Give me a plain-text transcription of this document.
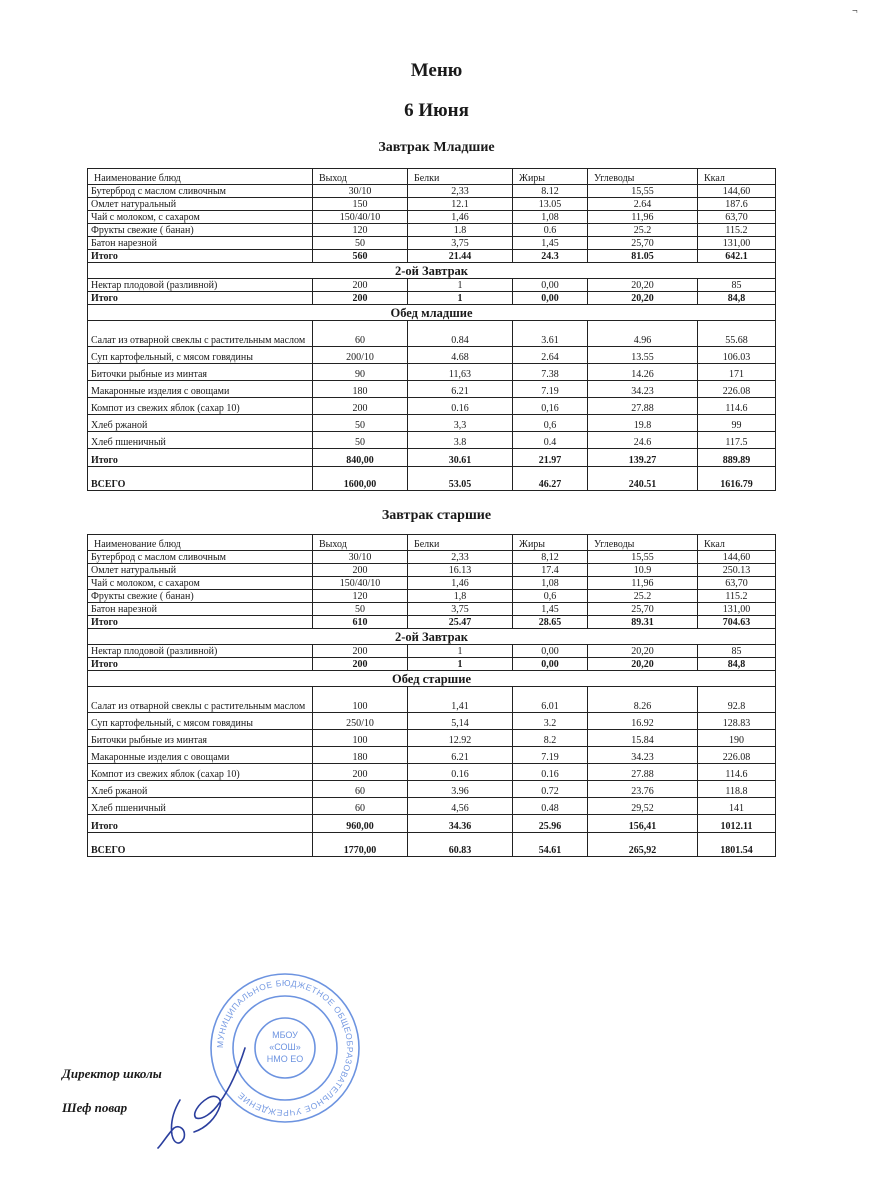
¬
Меню
6 Июня
Завтрак Младшие
Наименование блюд	Выход	Белки	Жиры	Углеводы	Ккал
Бутерброд с маслом сливочным	30/10	2,33	8.12	15,55	144,60
Омлет натуральный	150	12.1	13.05	2.64	187.6
Чай с молоком, с сахаром	150/40/10	1,46	1,08	11,96	63,70
Фрукты свежие ( банан)	120	1.8	0.6	25.2	115.2
Батон нарезной	50	3,75	1,45	25,70	131,00
Итого	560	21.44	24.3	81.05	642.1
2-ой Завтрак					
Нектар плодовой (разливной)	200	1	0,00	20,20	85
Итого	200	1	0,00	20,20	84,8
Обед младшие					
Салат из отварной свеклы с растительным маслом	60	0.84	3.61	4.96	55.68
Суп картофельный, с мясом говядины	200/10	4.68	2.64	13.55	106.03
Биточки рыбные из минтая	90	11,63	7.38	14.26	171
Макаронные изделия с овощами	180	6.21	7.19	34.23	226.08
Компот из свежих яблок (сахар 10)	200	0.16	0,16	27.88	114.6
Хлеб ржаной	50	3,3	0,6	19.8	99
Хлеб пшеничный	50	3.8	0.4	24.6	117.5
Итого	840,00	30.61	21.97	139.27	889.89
ВСЕГО	1600,00	53.05	46.27	240.51	1616.79
Завтрак старшие
Наименование блюд	Выход	Белки	Жиры	Углеводы	Ккал
Бутерброд с маслом сливочным	30/10	2,33	8,12	15,55	144,60
Омлет натуральный	200	16.13	17.4	10.9	250.13
Чай с молоком, с сахаром	150/40/10	1,46	1,08	11,96	63,70
Фрукты свежие ( банан)	120	1,8	0,6	25.2	115.2
Батон нарезной	50	3,75	1,45	25,70	131,00
Итого	610	25.47	28.65	89.31	704.63
2-ой Завтрак					
Нектар плодовой (разливной)	200	1	0,00	20,20	85
Итого	200	1	0,00	20,20	84,8
Обед старшие					
Салат из отварной свеклы с растительным маслом	100	1,41	6.01	8.26	92.8
Суп картофельный, с мясом говядины	250/10	5,14	3.2	16.92	128.83
Биточки рыбные из минтая	100	12.92	8.2	15.84	190
Макаронные изделия с овощами	180	6.21	7.19	34.23	226.08
Компот из свежих яблок (сахар 10)	200	0.16	0.16	27.88	114.6
Хлеб ржаной	60	3.96	0.72	23.76	118.8
Хлеб пшеничный	60	4,56	0.48	29,52	141
Итого	960,00	34.36	25.96	156,41	1012.11
ВСЕГО	1770,00	60.83	54.61	265,92	1801.54
МУНИЦИПАЛЬНОЕ БЮДЖЕТНОЕ ОБЩЕОБРАЗОВАТЕЛЬНОЕ УЧРЕЖДЕНИЕ
МБОУ
«СОШ»
НМО ЕО
Директор школы
Шеф повар
